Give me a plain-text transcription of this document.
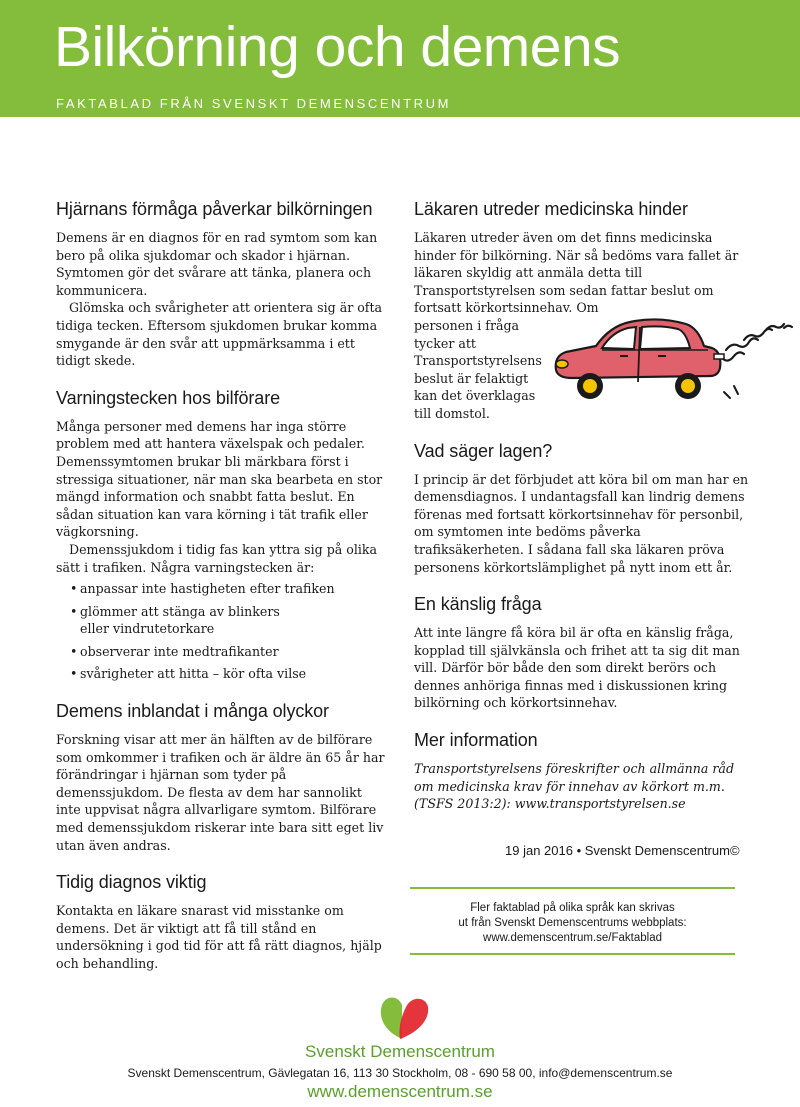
Bilkörning och demens
FAKTABLAD FRÅN SVENSKT DEMENSCENTRUM
Hjärnans förmåga påverkar bilkörningen

Demens är en diagnos för en rad symtom som kan bero på olika sjukdomar och skador i hjärnan. Symtomen gör det svårare att tänka, planera och kommunicera.

Glömska och svårigheter att orientera sig är ofta tidiga tecken. Eftersom sjukdomen brukar komma smygande är den svår att uppmärksamma i ett tidigt skede.

Varningstecken hos bilförare

Många personer med demens har inga större problem med att hantera växelspak och pedaler. Demenssymtomen brukar bli märkbara först i stressiga situationer, när man ska bearbeta en stor mängd information och snabbt fatta beslut. En sådan situation kan vara körning i tät trafik eller vägkorsning.

Demenssjukdom i tidig fas kan yttra sig på olika sätt i trafiken. Några varningstecken är:

• anpassar inte hastigheten efter trafiken
• glömmer att stänga av blinkers eller vindrutetorkare
• observerar inte medtrafikanter
• svårigheter att hitta – kör ofta vilse
Demens inblandat i många olyckor

Forskning visar att mer än hälften av de bilförare som omkommer i trafiken och är äldre än 65 år har förändringar i hjärnan som tyder på demenssjukdom. De flesta av dem har sannolikt inte uppvisat några allvarligare symtom. Bilförare med demenssjukdom riskerar inte bara sitt eget liv utan även andras.

Tidig diagnos viktig

Kontakta en läkare snarast vid misstanke om demens. Det är viktigt att få till stånd en undersökning i god tid för att få rätt diagnos, hjälp och behandling.

Läkaren utreder medicinska hinder

Läkaren utreder även om det finns medicinska hinder för bilkörning. När så bedöms vara fallet är läkaren skyldig att anmäla detta till Transportstyrelsen som sedan fattar beslut om fortsatt körkortsinnehav. Om

personen i fråga tycker att Transportstyrelsens beslut är felaktigt kan det överklagas till domstol.

Vad säger lagen?

I princip är det förbjudet att köra bil om man har en demensdiagnos. I undantagsfall kan lindrig demens förenas med fortsatt körkortsinnehav för personbil, om symtomen inte bedöms påverka trafiksäkerheten. I sådana fall ska läkaren pröva personens körkortslämplighet på nytt inom ett år.

En känslig fråga

Att inte längre få köra bil är ofta en känslig fråga, kopplad till självkänsla och frihet att ta sig dit man vill. Därför bör både den som direkt berörs och dennes anhöriga finnas med i diskussionen kring bilkörning och körkortsinnehav.

Mer information

Transportstyrelsens föreskrifter och allmänna råd om medicinska krav för innehav av körkort m.m. (TSFS 2013:2): www.transportstyrelsen.se

19 jan 2016 • Svenskt Demenscentrum©
Fler faktablad på olika språk kan skrivas
ut från Svenskt Demenscentrums webbplats:
www.demenscentrum.se/Faktablad
Svenskt Demenscentrum
Svenskt Demenscentrum, Gävlegatan 16, 113 30 Stockholm, 08 - 690 58 00, info@demenscentrum.se
www.demenscentrum.se
